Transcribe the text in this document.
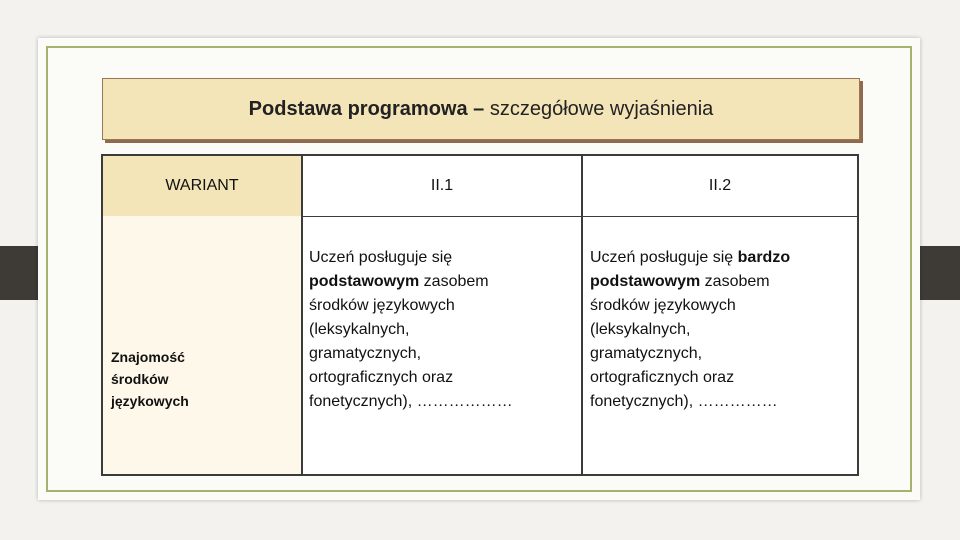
Podstawa programowa – szczegółowe wyjaśnienia
WARIANT
Znajomość
środków
językowych
II.1	II.2
Uczeń posługuje się
podstawowym zasobem
środków językowych
(leksykalnych,
gramatycznych,
ortograficznych oraz
fonetycznych), ………………
Uczeń posługuje się bardzo
podstawowym zasobem
środków językowych
(leksykalnych,
gramatycznych,
ortograficznych oraz
fonetycznych), ……………
